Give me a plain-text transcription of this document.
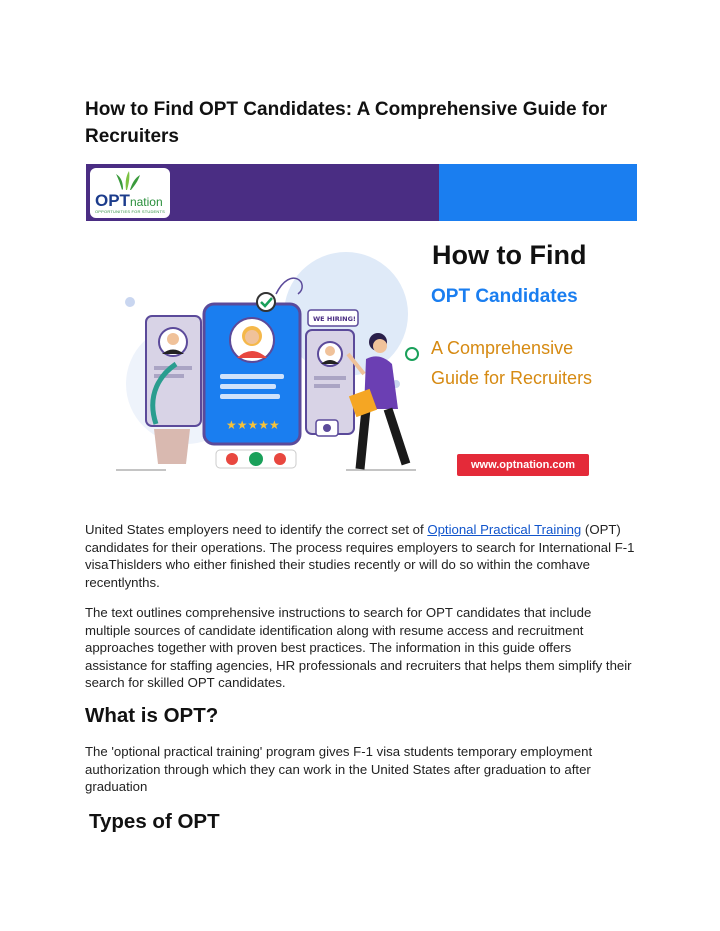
How to Find OPT Candidates: A Comprehensive Guide for Recruiters
OPTnation
OPPORTUNITIES FOR STUDENTS
★★★★★
WE HIRING!
How to Find
OPT Candidates
A Comprehensive
Guide for Recruiters
www.optnation.com

United States employers need to identify the correct set of Optional Practical Training (OPT) candidates for their operations. The process requires employers to search for International F-1 visaThislders who either finished their studies recently or will do so within the comhave recentlynths.

The text outlines comprehensive instructions to search for OPT candidates that include multiple sources of candidate identification along with resume access and recruitment approaches together with proven best practices. The information in this guide offers assistance for staffing agencies, HR professionals and recruiters that helps them simplify their search for skilled OPT candidates.

What is OPT?

The 'optional practical training' program gives F-1 visa students temporary employment authorization through which they can work in the United States after graduation to after graduation

Types of OPT
